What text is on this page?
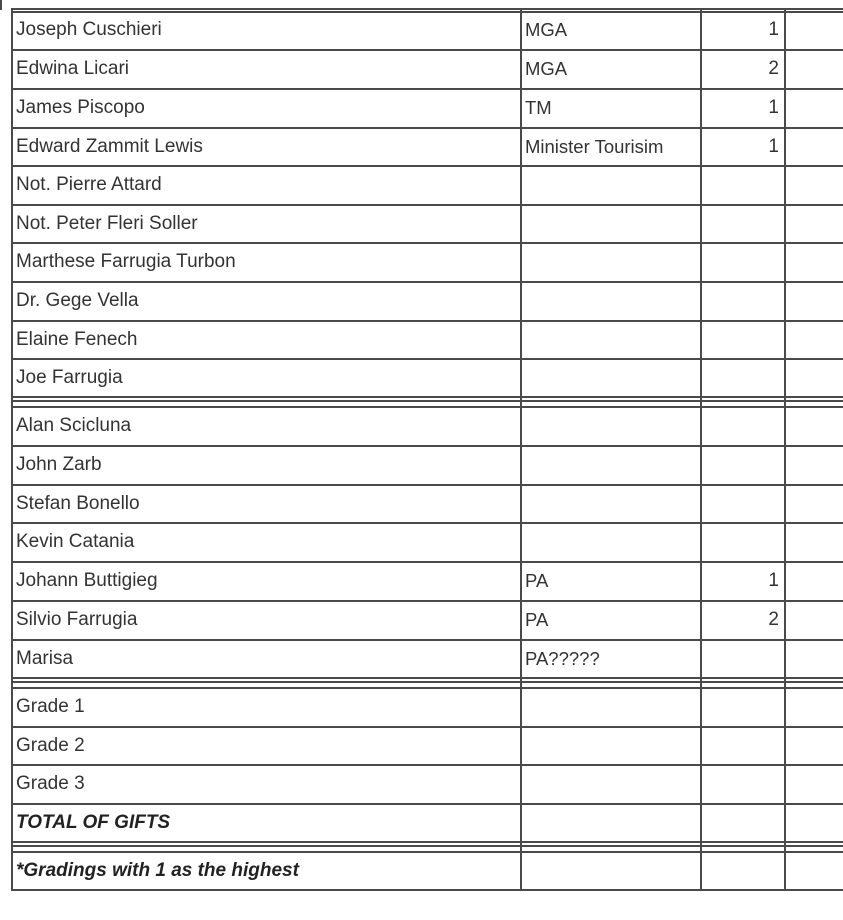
Joseph Cuschieri	MGA	1
Edwina Licari	MGA	2
James Piscopo	TM	1
Edward Zammit Lewis	Minister Tourisim	1
Not. Pierre Attard
Not. Peter Fleri Soller
Marthese Farrugia Turbon
Dr. Gege Vella
Elaine Fenech
Joe Farrugia
Alan Scicluna
John Zarb
Stefan Bonello
Kevin Catania
Johann Buttigieg	PA	1
Silvio Farrugia	PA	2
Marisa	PA?????
Grade 1
Grade 2
Grade 3
TOTAL OF GIFTS
*Gradings with 1 as the highest
